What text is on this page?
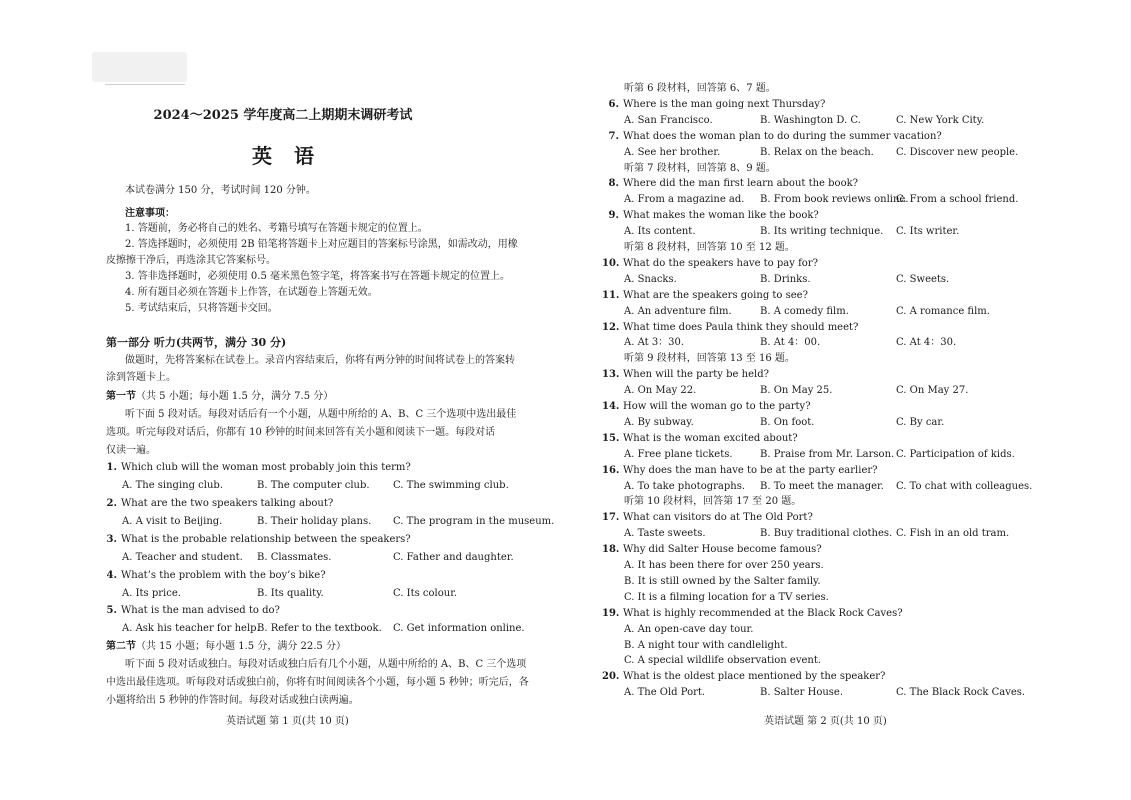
2024～2025 学年度高二上期期末调研考试
英语
本试卷满分 150 分，考试时间 120 分钟。
注意事项：
1. 答题前，务必将自己的姓名、考籍号填写在答题卡规定的位置上。
2. 答选择题时，必须使用 2B 铅笔将答题卡上对应题目的答案标号涂黑，如需改动，用橡
皮擦擦干净后，再选涂其它答案标号。
3. 答非选择题时，必须使用 0.5 毫米黑色签字笔，将答案书写在答题卡规定的位置上。
4. 所有题目必须在答题卡上作答，在试题卷上答题无效。
5. 考试结束后，只将答题卡交回。
第一部分 听力(共两节，满分 30 分)
做题时，先将答案标在试卷上。录音内容结束后，你将有两分钟的时间将试卷上的答案转
涂到答题卡上。
第一节（共 5 小题；每小题 1.5 分，满分 7.5 分）
听下面 5 段对话。每段对话后有一个小题，从题中所给的 A、B、C 三个选项中选出最佳
选项。听完每段对话后，你都有 10 秒钟的时间来回答有关小题和阅读下一题。每段对话
仅读一遍。
1. Which club will the woman most probably join this term?
A. The singing club.	B. The computer club. C. The swimming club.
2. What are the two speakers talking about?
A. A visit to Beijing.	B. Their holiday plans. C. The program in the museum.
3. What is the probable relationship between the speakers?
A. Teacher and student. B. Classmates.	C. Father and daughter.
4. What’s the problem with the boy’s bike?
A. Its price.	B. Its quality.	C. Its colour.
5. What is the man advised to do?
A. Ask his teacher for help.
B. Refer to the textbook. C. Get information online.
第二节（共 15 小题；每小题 1.5 分，满分 22.5 分）
听下面 5 段对话或独白。每段对话或独白后有几个小题，从题中所给的 A、B、C 三个选项
中选出最佳选项。听每段对话或独白前，你将有时间阅读各个小题，每小题 5 秒钟；听完后，各
小题将给出 5 秒钟的作答时间。每段对话或独白读两遍。
英语试题 第 1 页(共 10 页)	英语试题 第 2 页(共 10 页)
听第 6 段材料，回答第 6、7 题。
6. Where is the man going next Thursday?
A. San Francisco.	B. Washington D. C.	C. New York City.
7. What does the woman plan to do during the summer vacation?
A. See her brother.	B. Relax on the beach. C. Discover new people.
听第 7 段材料，回答第 8、9 题。
8. Where did the man first learn about the book?
A. From a magazine ad. B. From book reviews online.
C. From a school friend.
9. What makes the woman like the book?
A. Its content.	B. Its writing technique. C. Its writer.
听第 8 段材料，回答第 10 至 12 题。
10. What do the speakers have to pay for?
A. Snacks.	B. Drinks.	C. Sweets.
11. What are the speakers going to see?
A. An adventure film.	B. A comedy film.	C. A romance film.
12. What time does Paula think they should meet?
A. At 3：30.	B. At 4：00.	C. At 4：30.
听第 9 段材料，回答第 13 至 16 题。
13. When will the party be held?
A. On May 22.	B. On May 25.	C. On May 27.
14. How will the woman go to the party?
A. By subway.	B. On foot.	C. By car.
15. What is the woman excited about?
A. Free plane tickets.	B. Praise from Mr. Larson. C. Participation of kids.
16. Why does the man have to be at the party earlier?
A. To take photographs. B. To meet the manager. C. To chat with colleagues.
听第 10 段材料，回答第 17 至 20 题。
17. What can visitors do at The Old Port?
A. Taste sweets.	B. Buy traditional clothes. C. Fish in an old tram.
18. Why did Salter House become famous?
A. It has been there for over 250 years.
B. It is still owned by the Salter family.
C. It is a filming location for a TV series.
19. What is highly recommended at the Black Rock Caves?
A. An open-cave day tour.
B. A night tour with candlelight.
C. A special wildlife observation event.
20. What is the oldest place mentioned by the speaker?
A. The Old Port.	B. Salter House.	C. The Black Rock Caves.
